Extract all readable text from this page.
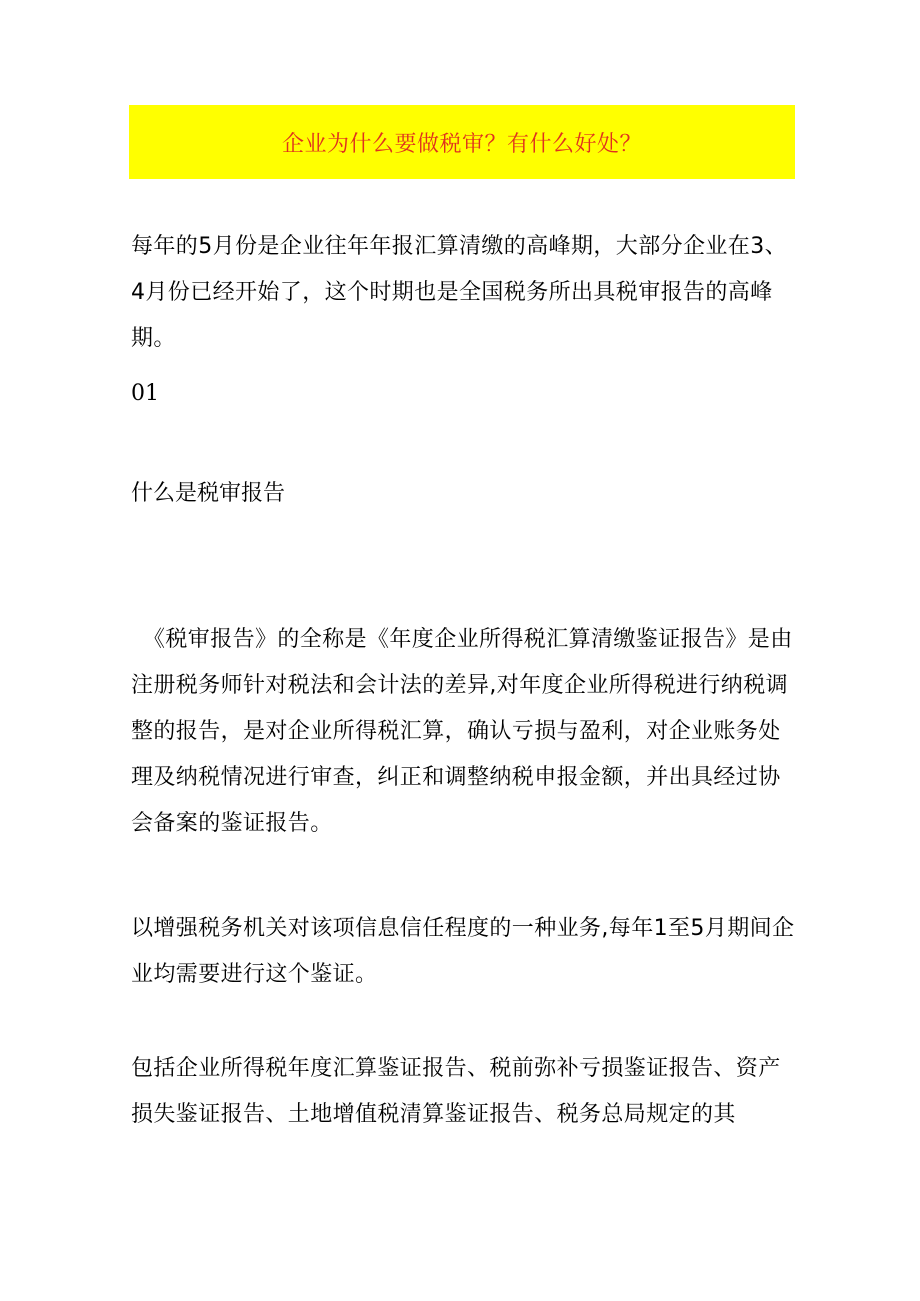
企业为什么要做税审？有什么好处？
每年的5月份是企业往年年报汇算清缴的高峰期，大部分企业在3、4月份已经开始了，这个时期也是全国税务所出具税审报告的高峰期。
01
什么是税审报告
《税审报告》的全称是《年度企业所得税汇算清缴鉴证报告》是由注册税务师针对税法和会计法的差异,对年度企业所得税进行纳税调整的报告，是对企业所得税汇算，确认亏损与盈利，对企业账务处理及纳税情况进行审查，纠正和调整纳税申报金额，并出具经过协会备案的鉴证报告。
以增强税务机关对该项信息信任程度的一种业务,每年1至5月期间企业均需要进行这个鉴证。
包括企业所得税年度汇算鉴证报告、税前弥补亏损鉴证报告、资产损失鉴证报告、土地增值税清算鉴证报告、税务总局规定的其
